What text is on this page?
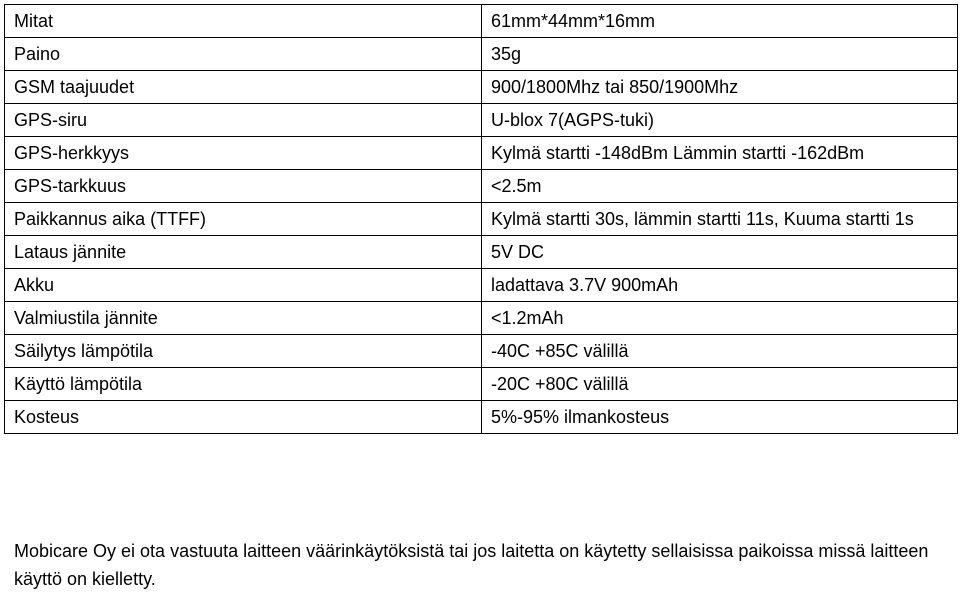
Mitat	61mm*44mm*16mm
Paino	35g
GSM taajuudet	900/1800Mhz tai 850/1900Mhz
GPS-siru	U-blox 7(AGPS-tuki)
GPS-herkkyys	Kylmä startti -148dBm Lämmin startti -162dBm
GPS-tarkkuus	<2.5m
Paikkannus aika (TTFF)	Kylmä startti 30s, lämmin startti 11s, Kuuma startti 1s
Lataus jännite	5V DC
Akku	ladattava 3.7V 900mAh
Valmiustila jännite	<1.2mAh
Säilytys lämpötila	-40C +85C välillä
Käyttö lämpötila	-20C +80C välillä
Kosteus	5%-95% ilmankosteus
Mobicare Oy ei ota vastuuta laitteen väärinkäytöksistä tai jos laitetta on käytetty sellaisissa paikoissa missä laitteen käyttö on kielletty.
